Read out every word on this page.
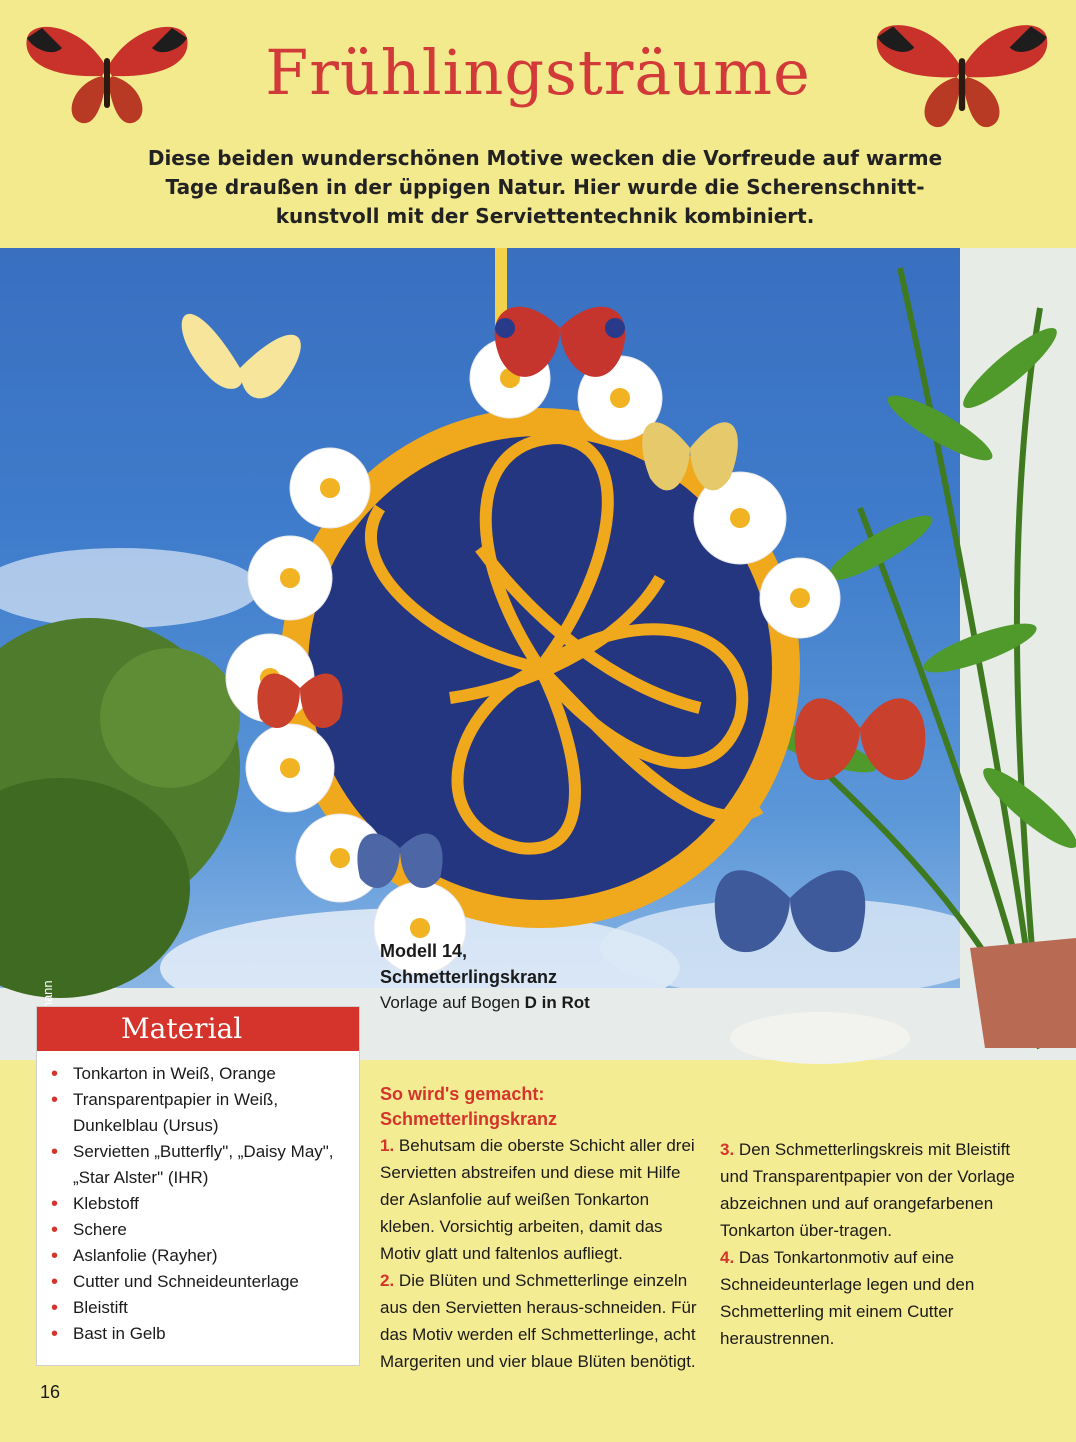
Frühlingsträume
Diese beiden wunderschönen Motive wecken die Vorfreude auf warme Tage draußen in der üppigen Natur. Hier wurde die Scherenschnitt-kunstvoll mit der Serviettentechnik kombiniert.
Modell 14,
Schmetterlingskranz
Vorlage auf Bogen D in Rot
Material
• Tonkarton in Weiß, Orange
• Transparentpapier in Weiß, Dunkelblau (Ursus)
• Servietten „Butterfly", „Daisy May", „Star Alster" (IHR)
• Klebstoff
• Schere
• Aslanfolie (Rayher)
• Cutter und Schneideunterlage
• Bleistift
• Bast in Gelb
So wird's gemacht:
Schmetterlingskranz

1. Behutsam die oberste Schicht aller drei Servietten abstreifen und diese mit Hilfe der Aslanfolie auf weißen Tonkarton kleben. Vorsichtig arbeiten, damit das Motiv glatt und faltenlos aufliegt.

2. Die Blüten und Schmetterlinge einzeln aus den Servietten heraus-schneiden. Für das Motiv werden elf Schmetterlinge, acht Margeriten und vier blaue Blüten benötigt.

3. Den Schmetterlingskreis mit Bleistift und Transparentpapier von der Vorlage abzeichnen und auf orangefarbenen Tonkarton über-tragen.

4. Das Tonkartonmotiv auf eine Schneideunterlage legen und den Schmetterling mit einem Cutter heraustrennen.

16
